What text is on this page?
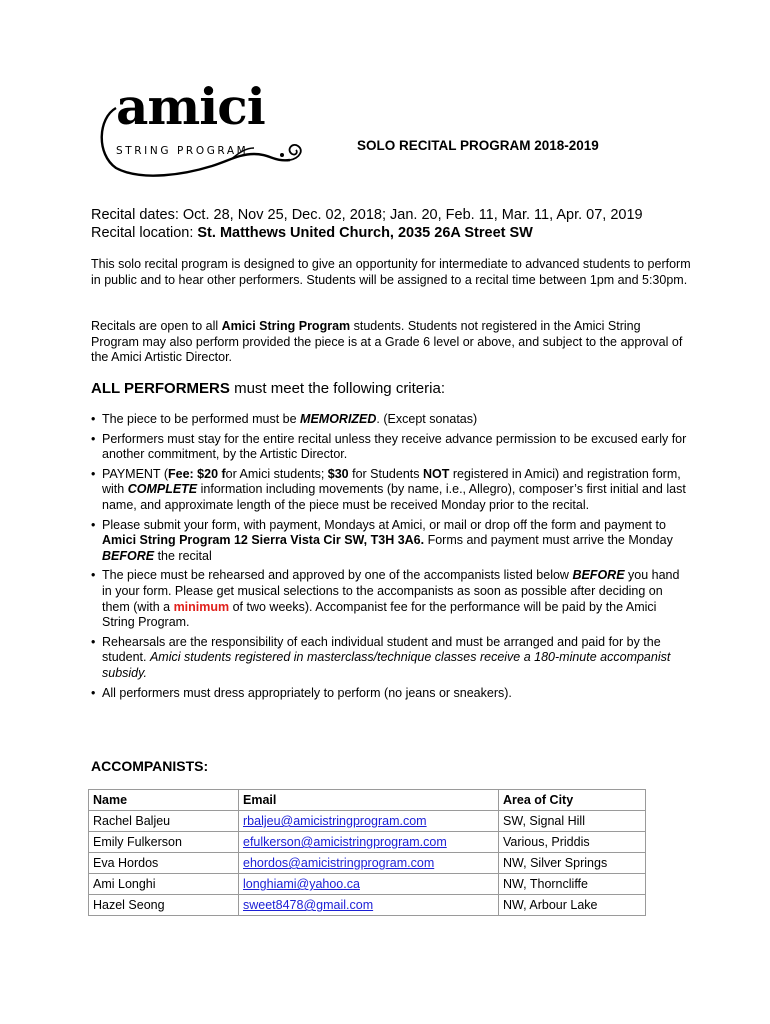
amici
STRING PROGRAM	SOLO RECITAL PROGRAM 2018-2019
Recital dates: Oct. 28, Nov 25, Dec. 02, 2018; Jan. 20, Feb. 11, Mar. 11, Apr. 07, 2019
Recital location: St. Matthews United Church, 2035 26A Street SW
This solo recital program is designed to give an opportunity for intermediate to advanced students to perform in public and to hear other performers. Students will be assigned to a recital time between 1pm and 5:30pm.
Recitals are open to all Amici String Program students. Students not registered in the Amici String Program may also perform provided the piece is at a Grade 6 level or above, and subject to the approval of the Amici Artistic Director.
ALL PERFORMERS must meet the following criteria:
• The piece to be performed must be MEMORIZED. (Except sonatas)
• Performers must stay for the entire recital unless they receive advance permission to be excused early for another commitment, by the Artistic Director.
• PAYMENT (Fee: $20 for Amici students; $30 for Students NOT registered in Amici) and registration form, with COMPLETE information including movements (by name, i.e., Allegro), composer’s first initial and last name, and approximate length of the piece must be received Monday prior to the recital.
• Please submit your form, with payment, Mondays at Amici, or mail or drop off the form and payment to Amici String Program 12 Sierra Vista Cir SW, T3H 3A6. Forms and payment must arrive the Monday BEFORE the recital
• The piece must be rehearsed and approved by one of the accompanists listed below BEFORE you hand in your form. Please get musical selections to the accompanists as soon as possible after deciding on them (with a minimum of two weeks). Accompanist fee for the performance will be paid by the Amici String Program.
• Rehearsals are the responsibility of each individual student and must be arranged and paid for by the student. Amici students registered in masterclass/technique classes receive a 180-minute accompanist subsidy.
• All performers must dress appropriately to perform (no jeans or sneakers).
ACCOMPANISTS:
Name	Email	Area of City
Rachel Baljeu	rbaljeu@amicistringprogram.com	SW, Signal Hill
Emily Fulkerson	efulkerson@amicistringprogram.com	Various, Priddis
Eva Hordos	ehordos@amicistringprogram.com	NW, Silver Springs
Ami Longhi	longhiami@yahoo.ca	NW, Thorncliffe
Hazel Seong	sweet8478@gmail.com	NW, Arbour Lake
